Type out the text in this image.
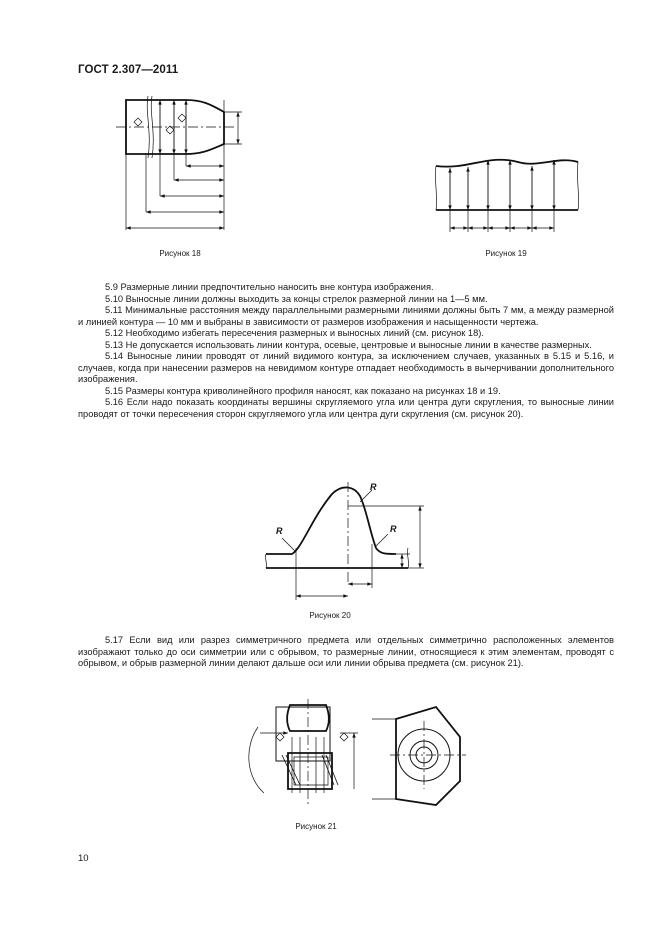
ГОСТ 2.307—2011
Рисунок 18	Рисунок 19

5.9 Размерные линии предпочтительно наносить вне контура изображения.

5.10 Выносные линии должны выходить за концы стрелок размерной линии на 1—5 мм.

5.11 Минимальные расстояния между параллельными размерными линиями должны быть 7 мм, а между размерной и линией контура — 10 мм и выбраны в зависимости от размеров изображения и насыщенности чертежа.

5.12 Необходимо избегать пересечения размерных и выносных линий (см. рисунок 18).

5.13 Не допускается использовать линии контура, осевые, центровые и выносные линии в качестве размерных.

5.14 Выносные линии проводят от линий видимого контура, за исключением случаев, указанных в 5.15 и 5.16, и случаев, когда при нанесении размеров на невидимом контуре отпадает необходимость в вычерчивании дополнительного изображения.

5.15 Размеры контура криволинейного профиля наносят, как показано на рисунках 18 и 19.

5.16 Если надо показать координаты вершины скругляемого угла или центра дуги скругления, то выносные линии проводят от точки пересечения сторон скругляемого угла или центра дуги скругления (см. рисунок 20).

R
R
R
Рисунок 20

5.17 Если вид или разрез симметричного предмета или отдельных симметрично расположенных элементов изображают только до оси симметрии или с обрывом, то размерные линии, относящиеся к этим элементам, проводят с обрывом, и обрыв размерной линии делают дальше оси или линии обрыва предмета (см. рисунок 21).

Рисунок 21
10
